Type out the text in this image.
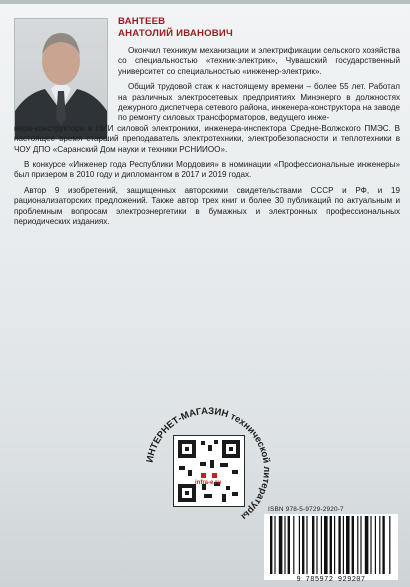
ВАНТЕЕВ
АНАТОЛИЙ ИВАНОВИЧ

Окончил техникум механизации и электрификации сельского хозяйства со специальностью «техник-электрик», Чувашский государственный университет со специальностью «инженер-электрик».

Общий трудовой стаж к настоящему времени – более 55 лет. Работал на различных электросетевых предприятиях Минэнерго в должностях дежурного диспетчера сетевого района, инженера-конструктора на заводе по ремонту силовых трансформаторов, ведущего инже-

нера-конструктора в НИИ силовой электроники, инженера-инспектора Средне-Волжского ПМЭС. В настоящее время старший преподаватель электротехники, электробезопасности и теплотехники в ЧОУ ДПО «Саранский Дом науки и техники РСНИИОО».

В конкурсе «Инженер года Республики Мордовия» в номинации «Профессиональные инженеры» был призером в 2010 году и дипломантом в 2017 и 2019 годах.

Автор 9 изобретений, защищенных авторскими свидетельствами СССР и РФ, и 19 рационализаторских предложений. Также автор трех книг и более 30 публикаций по актуальным и проблемным вопросам электроэнергетики в бумажных и электронных профессиональных периодических изданиях.

ИНТЕРНЕТ-МАГАЗИН технической литературы
infra-e.ru
ISBN 978-5-9729-2920-7
9 785972 929207
